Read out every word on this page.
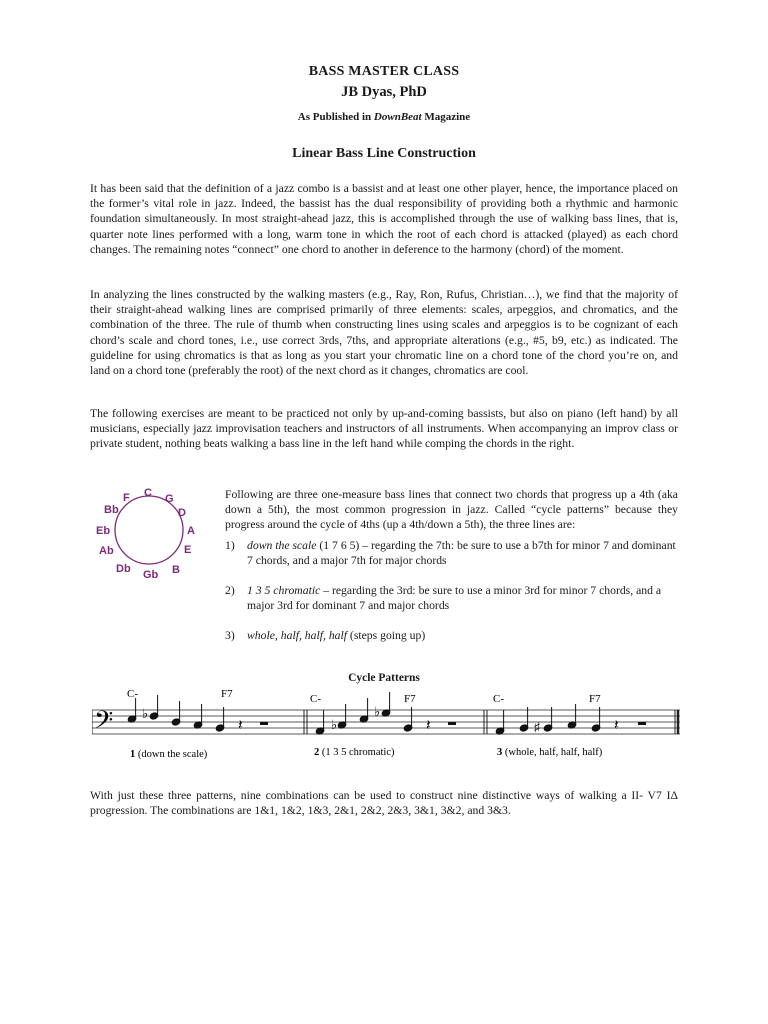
BASS MASTER CLASS
JB Dyas, PhD
As Published in DownBeat Magazine
Linear Bass Line Construction

It has been said that the definition of a jazz combo is a bassist and at least one other player, hence, the importance placed on the former’s vital role in jazz. Indeed, the bassist has the dual responsibility of providing both a rhythmic and harmonic foundation simultaneously. In most straight-ahead jazz, this is accomplished through the use of walking bass lines, that is, quarter note lines performed with a long, warm tone in which the root of each chord is attacked (played) as each chord changes. The remaining notes “connect” one chord to another in deference to the harmony (chord) of the moment.

In analyzing the lines constructed by the walking masters (e.g., Ray, Ron, Rufus, Christian…), we find that the majority of their straight-ahead walking lines are comprised primarily of three elements: scales, arpeggios, and chromatics, and the combination of the three. The rule of thumb when constructing lines using scales and arpeggios is to be cognizant of each chord’s scale and chord tones, i.e., use correct 3rds, 7ths, and appropriate alterations (e.g., #5, b9, etc.) as indicated. The guideline for using chromatics is that as long as you start your chromatic line on a chord tone of the chord you’re on, and land on a chord tone (preferably the root) of the next chord as it changes, chromatics are cool.

The following exercises are meant to be practiced not only by up-and-coming bassists, but also on piano (left hand) by all musicians, especially jazz improvisation teachers and instructors of all instruments. When accompanying an improv class or private student, nothing beats walking a bass line in the left hand while comping the chords in the right.

C G
D
A
E
B
Gb
Db
Ab
Eb
Bb
F	Following are three one-measure bass lines that connect two chords that progress up a 4th (aka down a 5th), the most common progression in jazz. Called “cycle patterns” because they progress around the cycle of 4ths (up a 4th/down a 5th), the three lines are:

1) down the scale (1 7 6 5) – regarding the 7th: be sure to use a b7th for minor 7 and dominant 7 chords, and a major 7th for major chords
2) 1 3 5 chromatic – regarding the 3rd: be sure to use a minor 3rd for minor 7 chords, and a major 3rd for dominant 7 and major chords
3) whole, half, half, half (steps going up)
Cycle Patterns
C-	F7	C-	F7	C-	F7
𝄢 ♭
𝄽	♭
♭
𝄽	♯	𝄽
1 (down the scale)	2 (1 3 5 chromatic)	3 (whole, half, half, half)

With just these three patterns, nine combinations can be used to construct nine distinctive ways of walking a II- V7 IΔ progression. The combinations are 1&1, 1&2, 1&3, 2&1, 2&2, 2&3, 3&1, 3&2, and 3&3.
